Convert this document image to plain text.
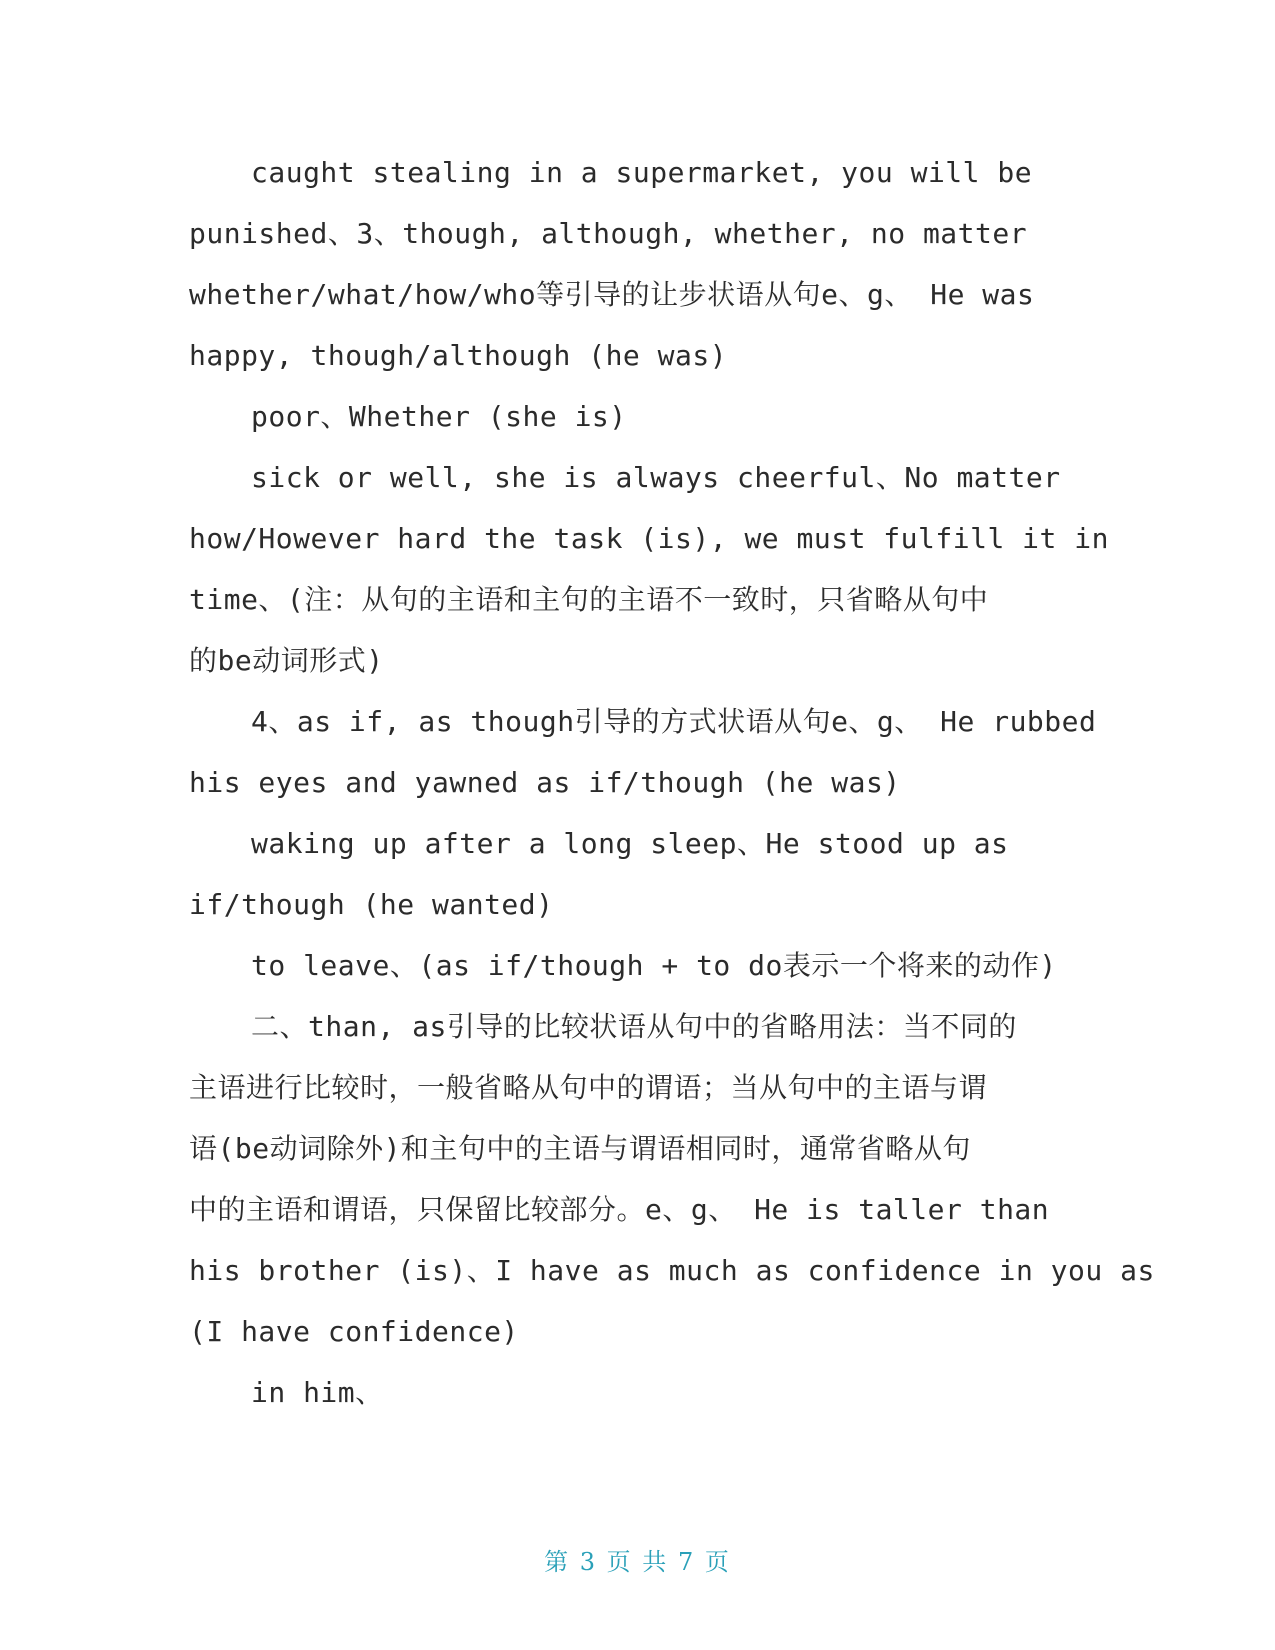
caught stealing in a supermarket, you will be
punished、3、though, although, whether, no matter
whether/what/how/who等引导的让步状语从句e、g、 He was
happy, though/although (he was)
poor、Whether (she is)
sick or well, she is always cheerful、No matter
how/However hard the task (is), we must fulfill it in
time、(注：从句的主语和主句的主语不一致时，只省略从句中
的be动词形式)
4、as if, as though引导的方式状语从句e、g、 He rubbed
his eyes and yawned as if/though (he was)
waking up after a long sleep、He stood up as
if/though (he wanted)
to leave、(as if/though + to do表示一个将来的动作)
二、than, as引导的比较状语从句中的省略用法：当不同的
主语进行比较时，一般省略从句中的谓语；当从句中的主语与谓
语(be动词除外)和主句中的主语与谓语相同时，通常省略从句
中的主语和谓语，只保留比较部分。e、g、 He is taller than
his brother (is)、I have as much as confidence in you as
(I have confidence)
in him、
第 3 页 共 7 页
